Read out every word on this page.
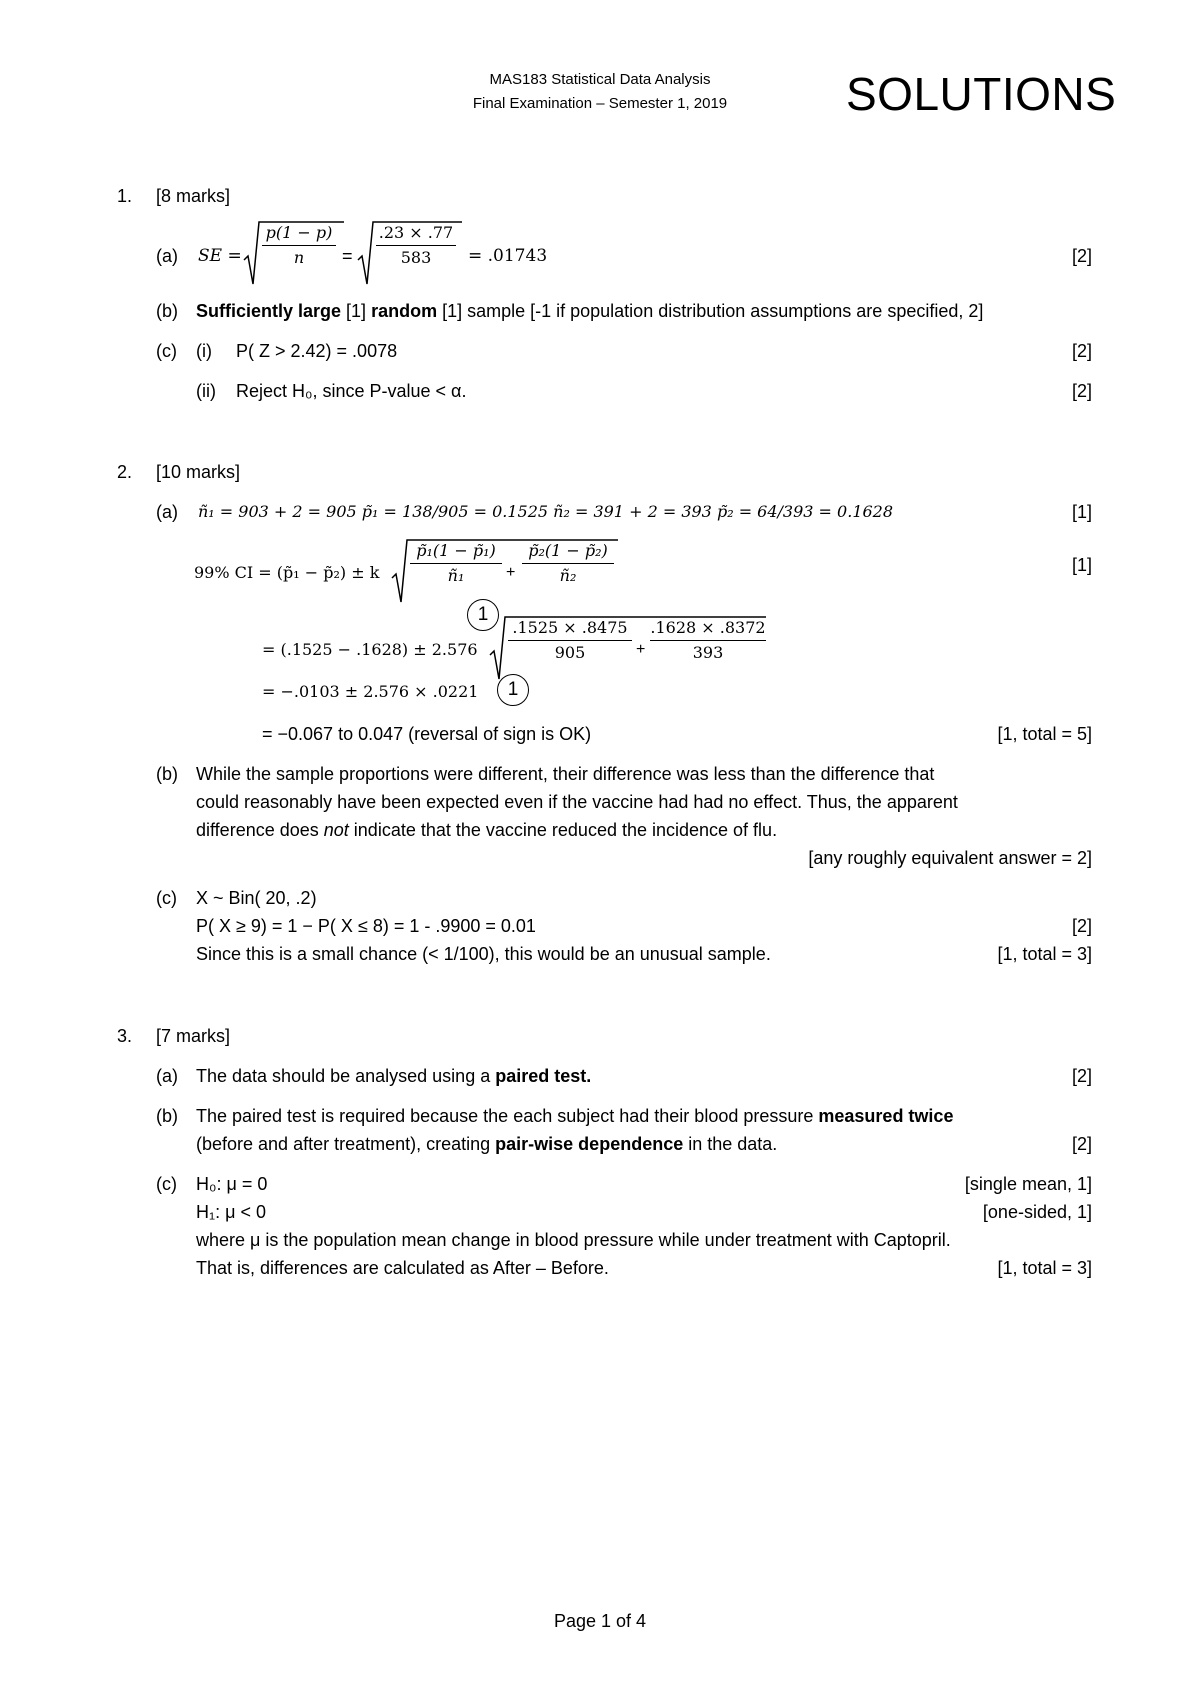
MAS183 Statistical Data Analysis
Final Examination – Semester 1, 2019	SOLUTIONS
1. [8 marks]
(a) SE =
p(1 − p)
n	=
.23 × .77
583	= .01743	[2]
(b) Sufficiently large [1] random [1] sample [-1 if population distribution assumptions are specified, 2]
(c) (i) P( Z > 2.42) = .0078	[2]
(ii) Reject H₀, since P-value < α.	[2]
2. [10 marks]
(a) ñ₁ = 903 + 2 = 905 p̃₁ = 138/905 = 0.1525 ñ₂ = 391 + 2 = 393 p̃₂ = 64/393 = 0.1628	[1]
99% CI = (p̃₁ − p̃₂) ± k
p̃₁(1 − p̃₁)
ñ₁	+
p̃₂(1 − p̃₂)
ñ₂
[1]
1
= (.1525 − .1628) ± 2.576
.1525 × .8475
905	+
.1628 × .8372
393
= −.0103 ± 2.576 × .0221	1
= −0.067 to 0.047 (reversal of sign is OK)	[1, total = 5]
(b) While the sample proportions were different, their difference was less than the difference that
could reasonably have been expected even if the vaccine had had no effect. Thus, the apparent
difference does not indicate that the vaccine reduced the incidence of flu.
[any roughly equivalent answer = 2]
(c) X ~ Bin( 20, .2)
P( X ≥ 9) = 1 − P( X ≤ 8) = 1 - .9900 = 0.01	[2]
Since this is a small chance (< 1/100), this would be an unusual sample.	[1, total = 3]
3. [7 marks]
(a) The data should be analysed using a paired test.	[2]
(b) The paired test is required because the each subject had their blood pressure measured twice
(before and after treatment), creating pair-wise dependence in the data.	[2]
(c) H₀: μ = 0	[single mean, 1]
H₁: μ < 0	[one-sided, 1]
where μ is the population mean change in blood pressure while under treatment with Captopril.
That is, differences are calculated as After – Before.	[1, total = 3]
Page 1 of 4
